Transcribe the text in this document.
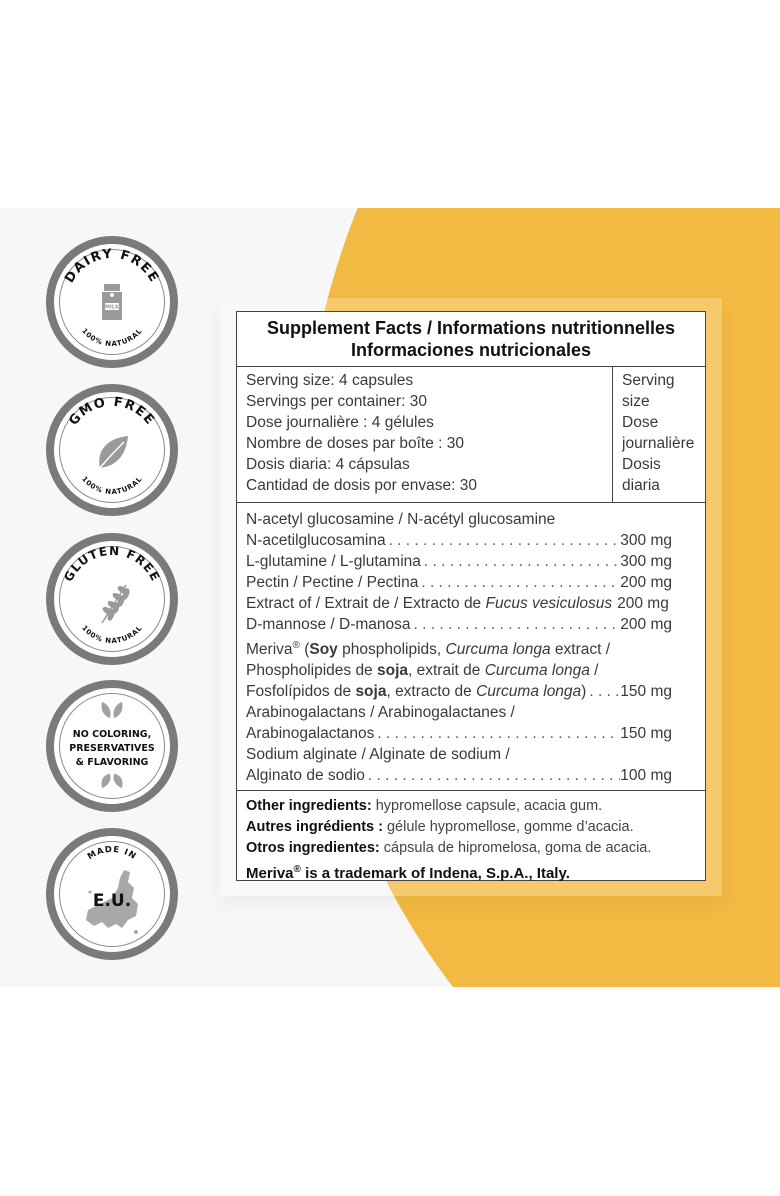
DAIRY FREE
100% NATURAL
MILK
GMO FREE
100% NATURAL
GLUTEN FREE
100% NATURAL
NO COLORING,
PRESERVATIVES
& FLAVORING
MADE IN
E.U.
Supplement Facts / Informations nutritionnelles
Informaciones nutricionales
Serving size: 4 capsules
Servings per container: 30
Dose journalière : 4 gélules
Nombre de doses par boîte : 30
Dosis diaria: 4 cápsulas
Cantidad de dosis por envase: 30
Serving
size
Dose
journalière
Dosis
diaria
N-acetyl glucosamine / N-acétyl glucosamine
N-acetilglucosamina . . .	300 mg
L-glutamine / L-glutamina . . .	300 mg
Pectin / Pectine / Pectina . . .	200 mg
Extract of / Extrait de / Extracto de Fucus vesiculosus 200 mg
D-mannose / D-manosa . . .	200 mg
Meriva® (Soy phospholipids, Curcuma longa extract /
Phospholipides de soja, extrait de Curcuma longa /
Fosfolípidos de soja, extracto de Curcuma longa) . . . 150 mg
Arabinogalactans / Arabinogalactanes /
Arabinogalactanos . . .	150 mg
Sodium alginate / Alginate de sodium /
Alginato de sodio . . .	100 mg
Other ingredients: hypromellose capsule, acacia gum.
Autres ingrédients : gélule hypromellose, gomme d’acacia.
Otros ingredientes: cápsula de hipromelosa, goma de acacia.
Meriva® is a trademark of Indena, S.p.A., Italy.
